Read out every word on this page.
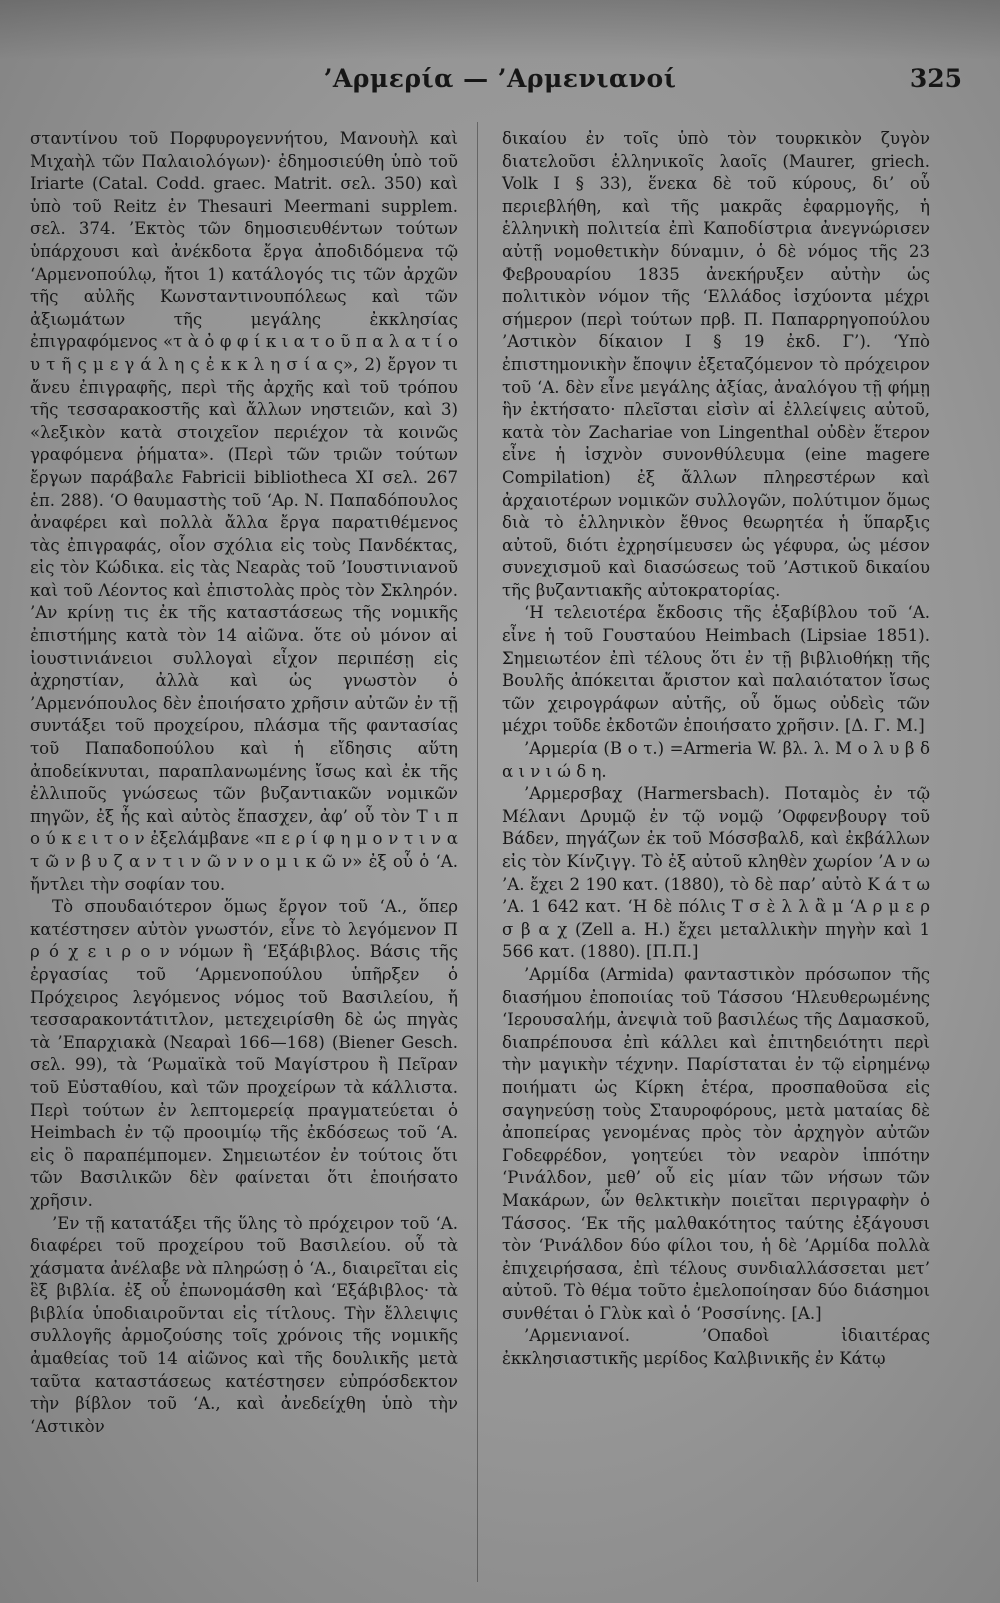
’Αρμερία — ’Αρμενιανοί	325

σταντίνου τοῦ Πορφυρογεννήτου, Μανουὴλ καὶ Μιχαὴλ τῶν Παλαιολόγων)· ἐδημοσιεύθη ὑπὸ τοῦ Iriarte (Catal. Codd. graec. Matrit. σελ. 350) καὶ ὑπὸ τοῦ Reitz ἐν Thesauri Meermani supplem. σελ. 374. ’Εκτὸς τῶν δημοσιευθέντων τούτων ὑπάρχουσι καὶ ἀνέκδοτα ἔργα ἀποδιδόμενα τῷ ‘Αρμενοπούλῳ, ἤτοι 1) κατάλογός τις τῶν ἀρχῶν τῆς αὐλῆς Κωνσταντινουπόλεως καὶ τῶν ἀξιωμάτων τῆς μεγάλης ἐκκλησίας ἐπιγραφόμενος «τ ὰ ὀ φ φ ί κ ι α τ ο ῦ π α λ α τ ί ο υ τ ῆ ς μ ε γ ά λ η ς ἐ κ κ λ η σ ί α ς», 2) ἔργον τι ἄνευ ἐπιγραφῆς, περὶ τῆς ἀρχῆς καὶ τοῦ τρόπου τῆς τεσσαρακοστῆς καὶ ἄλλων νηστειῶν, καὶ 3) «λεξικὸν κατὰ στοιχεῖον περιέχον τὰ κοινῶς γραφόμενα ῥήματα». (Περὶ τῶν τριῶν τούτων ἔργων παράβαλε Fabricii bibliotheca XI σελ. 267 ἑπ. 288). ‘Ο θαυμαστὴς τοῦ ‘Αρ. Ν. Παπαδόπουλος ἀναφέρει καὶ πολλὰ ἄλλα ἔργα παρατιθέμενος τὰς ἐπιγραφάς, οἷον σχόλια εἰς τοὺς Πανδέκτας, εἰς τὸν Κώδικα. εἰς τὰς Νεαρὰς τοῦ ’Ιουστινιανοῦ καὶ τοῦ Λέοντος καὶ ἐπιστολὰς πρὸς τὸν Σκληρόν. ’Αν κρίνῃ τις ἐκ τῆς καταστάσεως τῆς νομικῆς ἐπιστήμης κατὰ τὸν 14 αἰῶνα. ὅτε οὐ μόνον αἱ ἰουστινιάνειοι συλλογαὶ εἶχον περιπέσῃ εἰς ἀχρηστίαν, ἀλλὰ καὶ ὡς γνωστὸν ὁ ’Αρμενόπουλος δὲν ἐποιήσατο χρῆσιν αὐτῶν ἐν τῇ συντάξει τοῦ προχείρου, πλάσμα τῆς φαντασίας τοῦ Παπαδοπούλου καὶ ἡ εἴδησις αὕτη ἀποδείκνυται, παραπλανωμένης ἴσως καὶ ἐκ τῆς ἐλλιποῦς γνώσεως τῶν βυζαντιακῶν νομικῶν πηγῶν, ἐξ ἧς καὶ αὐτὸς ἔπασχεν, ἀφ’ οὗ τὸν Τ ι π ο ύ κ ε ι τ ο ν ἐξελάμβανε «π ε ρ ί φ η μ ο ν τ ι ν α τ ῶ ν β υ ζ α ν τ ι ν ῶ ν ν ο μ ι κ ῶ ν» ἐξ οὗ ὁ ‘Α. ἤντλει τὴν σοφίαν του.

Τὸ σπουδαιότερον ὅμως ἔργον τοῦ ‘Α., ὅπερ κατέστησεν αὐτὸν γνωστόν, εἶνε τὸ λεγόμενον Π ρ ό χ ε ι ρ ο ν νόμων ἢ ‘Εξάβιβλος. Βάσις τῆς ἐργασίας τοῦ ‘Αρμενοπούλου ὑπῆρξεν ὁ Πρόχειρος λεγόμενος νόμος τοῦ Βασιλείου, ἤ τεσσαρακοντάτιτλον, μετεχειρίσθη δὲ ὡς πηγὰς τὰ ’Επαρχιακὰ (Νεαραὶ 166—168) (Biener Gesch. σελ. 99), τὰ ‘Ρωμαϊκὰ τοῦ Μαγίστρου ἢ Πεῖραν τοῦ Εὐσταθίου, καὶ τῶν προχείρων τὰ κάλλιστα. Περὶ τούτων ἐν λεπτομερείᾳ πραγματεύεται ὁ Heimbach ἐν τῷ προοιμίῳ τῆς ἐκδόσεως τοῦ ‘Α. εἰς ὃ παραπέμπομεν. Σημειωτέον ἐν τούτοις ὅτι τῶν Βασιλικῶν δὲν φαίνεται ὅτι ἐποιήσατο χρῆσιν.

’Εν τῇ κατατάξει τῆς ὕλης τὸ πρόχειρον τοῦ ‘Α. διαφέρει τοῦ προχείρου τοῦ Βασιλείου. οὗ τὰ χάσματα ἀνέλαβε νὰ πληρώσῃ ὁ ‘Α., διαιρεῖται εἰς ἓξ βιβλία. ἐξ οὗ ἐπωνομάσθη καὶ ‘Εξάβιβλος· τὰ βιβλία ὑποδιαιροῦνται εἰς τίτλους. Τὴν ἔλλειψις συλλογῆς ἀρμοζούσης τοῖς χρόνοις τῆς νομικῆς ἀμαθείας τοῦ 14 αἰῶνος καὶ τῆς δουλικῆς μετὰ ταῦτα καταστάσεως κατέστησεν εὐπρόσδεκτον τὴν βίβλον τοῦ ‘Α., καὶ ἀνεδείχθη ὑπὸ τὴν ‘Αστικὸν

δικαίου ἐν τοῖς ὑπὸ τὸν τουρκικὸν ζυγὸν διατελοῦσι ἑλληνικοῖς λαοῖς (Maurer, griech. Volk I § 33), ἕνεκα δὲ τοῦ κύρους, δι’ οὗ περιεβλήθη, καὶ τῆς μακρᾶς ἐφαρμογῆς, ἡ ἑλληνικὴ πολιτεία ἐπὶ Καποδίστρια ἀνεγνώρισεν αὐτῇ νομοθετικὴν δύναμιν, ὁ δὲ νόμος τῆς 23 Φεβρουαρίου 1835 ἀνεκήρυξεν αὐτὴν ὡς πολιτικὸν νόμον τῆς ‘Ελλάδος ἰσχύοντα μέχρι σήμερον (περὶ τούτων πρβ. Π. Παπαρρηγοπούλου ’Αστικὸν δίκαιον I § 19 ἐκδ. Γ’). ‘Υπὸ ἐπιστημονικὴν ἔποψιν ἐξεταζόμενον τὸ πρόχειρον τοῦ ‘Α. δὲν εἶνε μεγάλης ἀξίας, ἀναλόγου τῇ φήμῃ ἣν ἐκτήσατο· πλεῖσται εἰσὶν αἱ ἐλλείψεις αὐτοῦ, κατὰ τὸν Zachariae von Lingenthal οὐδὲν ἕτερον εἶνε ἡ ἰσχνὸν συνονθύλευμα (eine magere Compilation) ἐξ ἄλλων πληρεστέρων καὶ ἀρχαιοτέρων νομικῶν συλλογῶν, πολύτιμον ὅμως διὰ τὸ ἑλληνικὸν ἔθνος θεωρητέα ἡ ὕπαρξις αὐτοῦ, διότι ἐχρησίμευσεν ὡς γέφυρα, ὡς μέσον συνεχισμοῦ καὶ διασώσεως τοῦ ’Αστικοῦ δικαίου τῆς βυζαντιακῆς αὐτοκρατορίας.

‘Η τελειοτέρα ἔκδοσις τῆς ἑξαβίβλου τοῦ ‘Α. εἶνε ἡ τοῦ Γουσταύου Heimbach (Lipsiae 1851). Σημειωτέον ἐπὶ τέλους ὅτι ἐν τῇ βιβλιοθήκῃ τῆς Βουλῆς ἀπόκειται ἄριστον καὶ παλαιότατον ἴσως τῶν χειρογράφων αὐτῆς, οὗ ὅμως οὐδεὶς τῶν μέχρι τοῦδε ἐκδοτῶν ἐποιήσατο χρῆσιν. [Δ. Γ. Μ.]

’Αρμερία (Β ο τ.) =Armeria W. βλ. λ. Μ ο λ υ β δ α ι ν ι ώ δ η.

’Αρμερσβαχ (Harmersbach). Ποταμὸς ἐν τῷ Μέλανι Δρυμῷ ἐν τῷ νομῷ ’Οφφενβουργ τοῦ Βάδεν, πηγάζων ἐκ τοῦ Μόσσβαλδ, καὶ ἐκβάλλων εἰς τὸν Κίνζιγγ. Τὸ ἐξ αὐτοῦ κληθὲν χωρίον ’Α ν ω ’Α. ἔχει 2 190 κατ. (1880), τὸ δὲ παρ’ αὐτὸ Κ ά τ ω ’Α. 1 642 κατ. ‘Η δὲ πόλις Τ σ ὲ λ λ ἂ μ ‘Α ρ μ ε ρ σ β α χ (Zell a. H.) ἔχει μεταλλικὴν πηγὴν καὶ 1 566 κατ. (1880). [Π.Π.]

’Αρμίδα (Armida) φανταστικὸν πρόσωπον τῆς διασήμου ἐποποιίας τοῦ Τάσσου ‘Ηλευθερωμένης ‘Ιερουσαλήμ, ἀνεψιὰ τοῦ βασιλέως τῆς Δαμασκοῦ, διαπρέπουσα ἐπὶ κάλλει καὶ ἐπιτηδειότητι περὶ τὴν μαγικὴν τέχνην. Παρίσταται ἐν τῷ εἰρημένῳ ποιήματι ὡς Κίρκη ἑτέρα, προσπαθοῦσα εἰς σαγηνεύσῃ τοὺς Σταυροφόρους, μετὰ ματαίας δὲ ἀποπείρας γενομένας πρὸς τὸν ἀρχηγὸν αὐτῶν Γοδεφρέδον, γοητεύει τὸν νεαρὸν ἱππότην ‘Ρινάλδον, μεθ’ οὗ εἰς μίαν τῶν νήσων τῶν Μακάρων, ὧν θελκτικὴν ποιεῖται περιγραφὴν ὁ Τάσσος. ‘Εκ τῆς μαλθακότητος ταύτης ἐξάγουσι τὸν ‘Ρινάλδον δύο φίλοι του, ἡ δὲ ’Αρμίδα πολλὰ ἐπιχειρήσασα, ἐπὶ τέλους συνδιαλλάσσεται μετ’ αὐτοῦ. Τὸ θέμα τοῦτο ἐμελοποίησαν δύο διάσημοι συνθέται ὁ Γλὺκ καὶ ὁ ‘Ροσσίνης. [Α.]

’Αρμενιανοί. ’Οπαδοὶ ἰδιαιτέρας ἐκκλησιαστικῆς μερίδος Καλβινικῆς ἐν Κάτῳ
